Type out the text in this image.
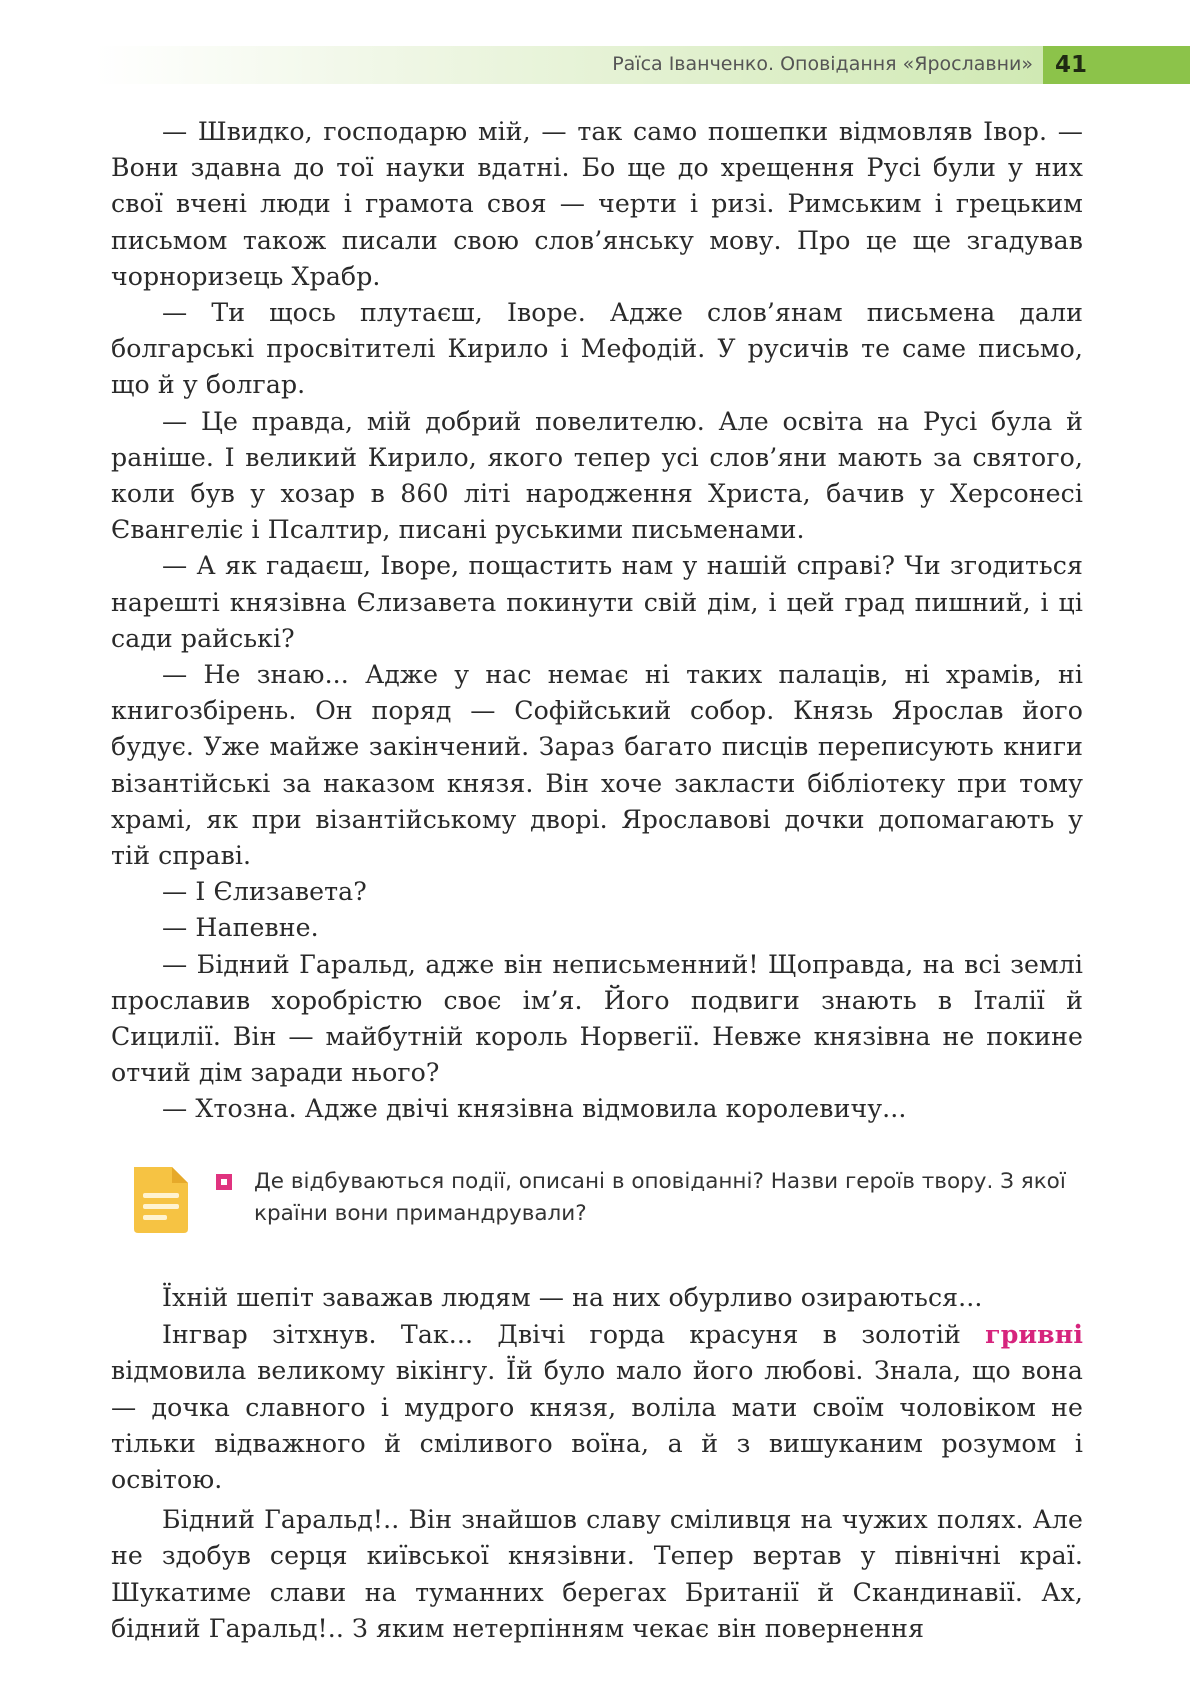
Раїса Іванченко. Оповідання «Ярославни» 41

— Швидко, господарю мій, — так само пошепки відмовляв Івор. — Вони здавна до тої науки вдатні. Бо ще до хрещення Русі були у них свої вчені люди і грамота своя — черти і ризі. Римським і грецьким письмом також писали свою слов’янську мову. Про це ще згадував чорноризець Храбр.

— Ти щось плутаєш, Іворе. Адже слов’янам письмена дали болгарські просвітителі Кирило і Мефодій. У русичів те саме письмо, що й у болгар.

— Це правда, мій добрий повелителю. Але освіта на Русі була й раніше. І великий Кирило, якого тепер усі слов’яни мають за святого, коли був у хозар в 860 літі народження Христа, бачив у Херсонесі Євангеліє і Псалтир, писані руськими письменами.

— А як гадаєш, Іворе, пощастить нам у нашій справі? Чи згодиться нарешті князівна Єлизавета покинути свій дім, і цей град пишний, і ці сади райські?

— Не знаю... Адже у нас немає ні таких палаців, ні храмів, ні книгозбірень. Он поряд — Софійський собор. Князь Ярослав його будує. Уже майже закінчений. Зараз багато писців переписують книги візантійські за наказом князя. Він хоче закласти бібліотеку при тому храмі, як при візантійському дворі. Ярославові дочки допомагають у тій справі.

— І Єлизавета?

— Напевне.

— Бідний Гаральд, адже він неписьменний! Щоправда, на всі землі прославив хоробрістю своє ім’я. Його подвиги знають в Італії й Сицилії. Він — майбутній король Норвегії. Невже князівна не покине отчий дім заради нього?

— Хтозна. Адже двічі князівна відмовила королевичу...

Де відбуваються події, описані в оповіданні? Назви героїв твору. З якої країни вони примандрували?

Їхній шепіт заважав людям — на них обурливо озираються...

Інгвар зітхнув. Так... Двічі горда красуня в золотій гривні відмовила великому вікінгу. Їй було мало його любові. Знала, що вона — дочка славного і мудрого князя, воліла мати своїм чоловіком не тільки відважного й сміливого воїна, а й з вишуканим розумом і освітою.

Бідний Гаральд!.. Він знайшов славу сміливця на чужих полях. Але не здобув серця київської князівни. Тепер вертав у північні краї. Шукатиме слави на туманних берегах Британії й Скандинавії. Ах, бідний Гаральд!.. З яким нетерпінням чекає він повернення
